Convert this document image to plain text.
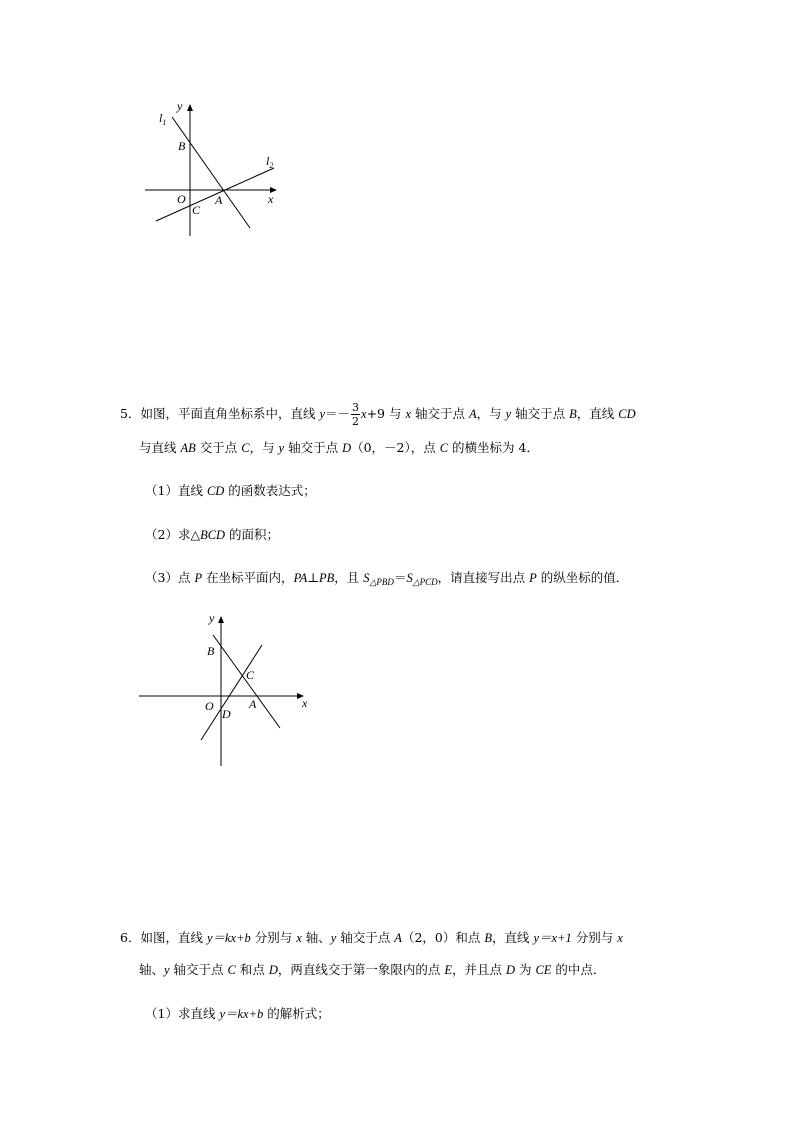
$l_1$
$l_2$
y
x
B
O
C
A
5．如图，平面直角坐标系中，直线 $y=- \frac{3}{2} x+9$ 与 x 轴交于点 A，与 y 轴交于点 B，直线 CD
与直线 AB 交于点 C，与 y 轴交于点 D（0，－2），点 C 的横坐标为 4．
（1）直线 CD 的函数表达式；
（2）求△BCD 的面积；
（3）点 P 在坐标平面内，PA⊥PB，且 $S_{\triangle PBD}=S_{\triangle PCD}$，请直接写出点 P 的纵坐标的值．
y
x
B
C
O
D
A
6．如图，直线 y＝kx+b 分别与 x 轴、y 轴交于点 A（2，0）和点 B，直线 y＝x+1 分别与 x
轴、y 轴交于点 C 和点 D，两直线交于第一象限内的点 E，并且点 D 为 CE 的中点．
（1）求直线 y＝kx+b 的解析式；
